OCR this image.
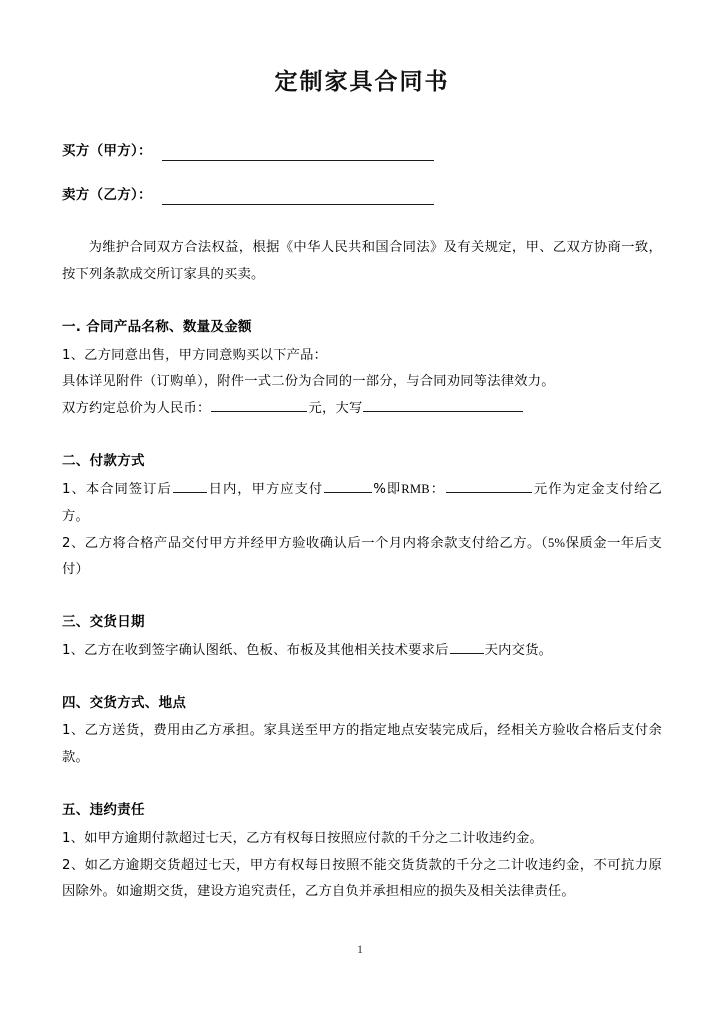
定制家具合同书
买方（甲方）：
卖方（乙方）：

为维护合同双方合法权益，根据《中华人民共和国合同法》及有关规定，甲、乙双方协商一致，按下列条款成交所订家具的买卖。

一. 合同产品名称、数量及金额

1、乙方同意出售，甲方同意购买以下产品：

具体详见附件（订购单），附件一式二份为合同的一部分，与合同劝同等法律效力。

双方约定总价为人民币：	元，大写

二、付款方式

1、本合同签订后	日内，甲方应支付	%即RMB：	元作为定金支付给乙方。

2、乙方将合格产品交付甲方并经甲方验收确认后一个月内将余款支付给乙方。（5%保质金一年后支付）

三、交货日期

1、乙方在收到签字确认图纸、色板、布板及其他相关技术要求后	天内交货。

四、交货方式、地点

1、乙方送货，费用由乙方承担。家具送至甲方的指定地点安装完成后，经相关方验收合格后支付余款。

五、违约责任

1、如甲方逾期付款超过七天，乙方有权每日按照应付款的千分之二计收违约金。

2、如乙方逾期交货超过七天，甲方有权每日按照不能交货货款的千分之二计收违约金，不可抗力原因除外。如逾期交货，建设方追究责任，乙方自负并承担相应的损失及相关法律责任。

1
